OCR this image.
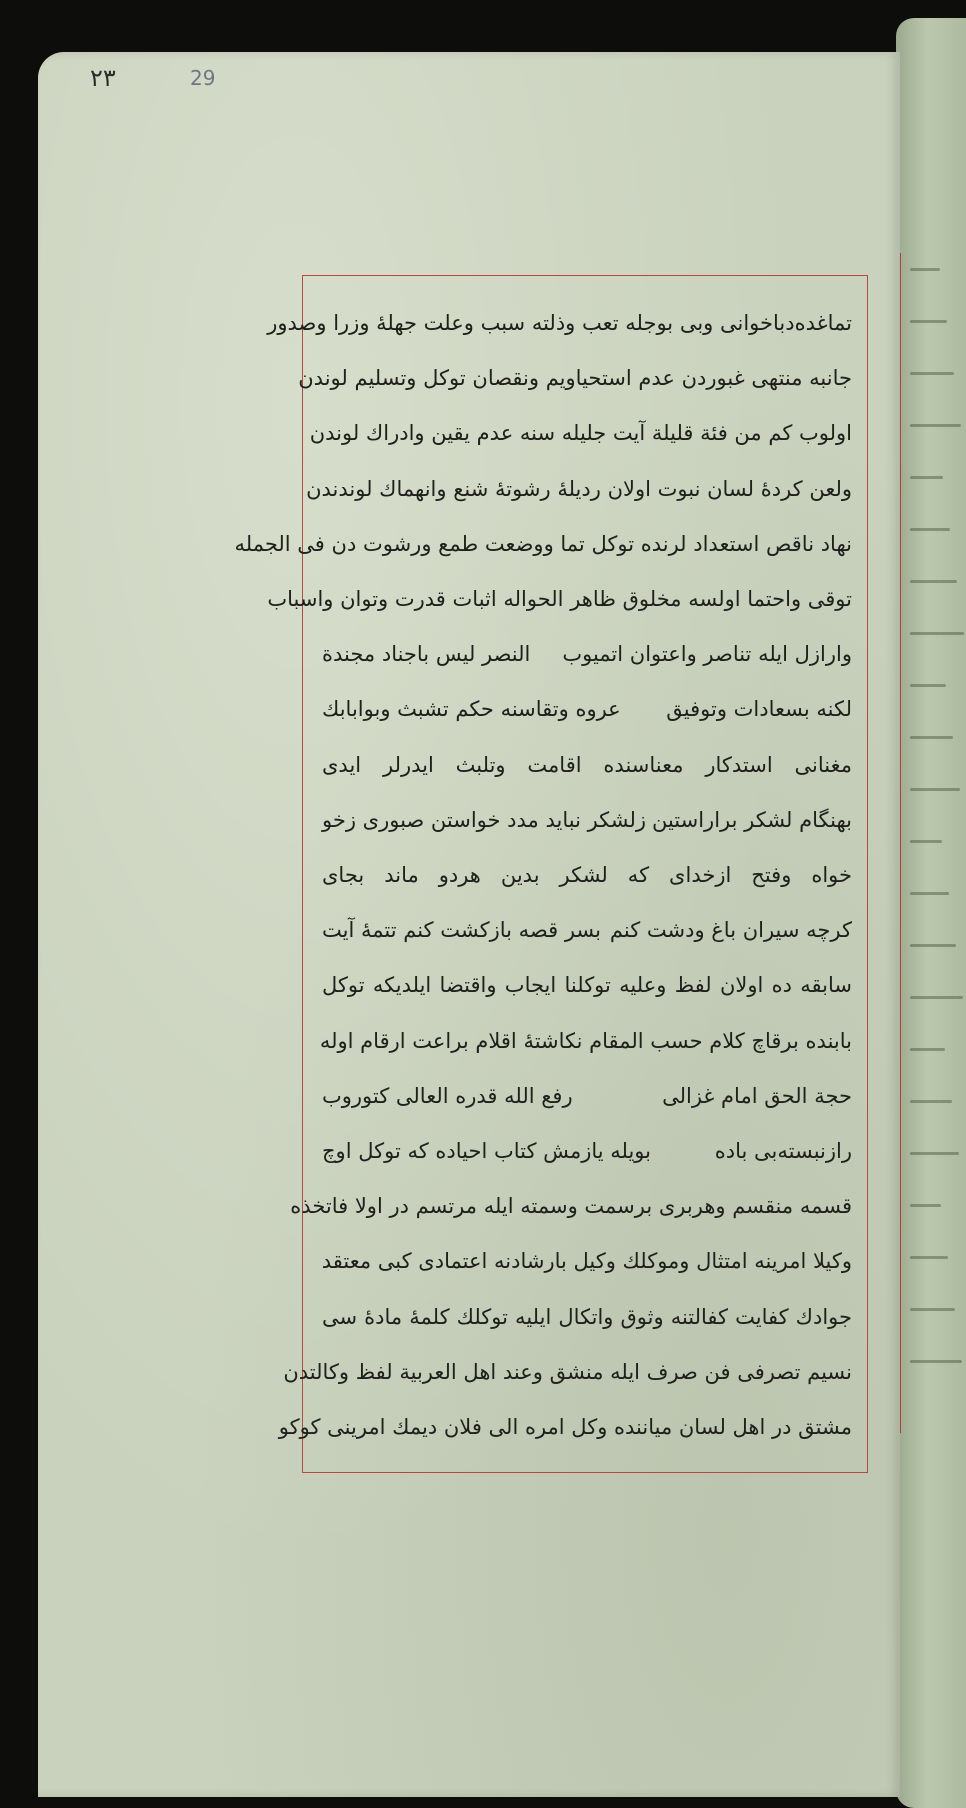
٢٣	29
تماغدەدباخوانی وبی بوجله تعب وذلته سبب وعلت جهلهٔ وزرا وصدور
جانبه منتهی غبوردن عدم استحیاویم ونقصان توكل وتسلیم لوندن
اولوب كم من فئة قلیلة آیت جلیله سنه عدم یقین وادراك لوندن
ولعن كردهٔ لسان نبوت اولان ردیلهٔ رشوتهٔ شنع وانهماك لوندندن
نهاد ناقص استعداد لرنده توكل تما ووضعت طمع ورشوت دن فی الجمله
توقی واحتما اولسه مخلوق ظاهر الحواله اثبات قدرت وتوان واسباب
وارازل ایله تناصر واعتوان اتمیوب
النصر لیس باجناد مجندة
لكنه بسعادات وتوفیق
عروه وتقاسنه حكم تشبث وبوابابك
مغنانی استدكار معناسنده اقامت وتلبث ایدرلر ایدی
بهنگام لشكر براراستین
زلشكر نباید مدد خواستن صبوری زخو
خواه وفتح ازخدای كه لشكر بدین هردو ماند بجای
كرچه سیران باغ ودشت كنم
بسر قصه بازكشت كنم تتمهٔ آیت
سابقه ده اولان لفظ وعلیه توكلنا ایجاب واقتضا ایلدیكه توكل
بابنده برقاچ كلام حسب المقام نكاشتهٔ اقلام براعت ارقام اوله
حجة الحق امام غزالی
رفع الله قدره العالی كتوروب
رازنبسته‌بی باده
بویله یازمش كتاب احیاده كه توكل اوچ
قسمه منقسم وهربری برسمت وسمته ایله مرتسم در اولا فاتخذه
وكیلا امرینه امتثال وموكلك وكیل بارشادنه اعتمادی كبی معتقد
جوادك كفایت كفالتنه وثوق واتكال ایلیه توكلك كلمهٔ مادهٔ سی
نسیم تصرفی فن صرف ایله منشق وعند اهل العربیة لفظ وكالتدن
مشتق در اهل لسان میاننده وكل امره الی فلان دیمك امرینی كوكو
